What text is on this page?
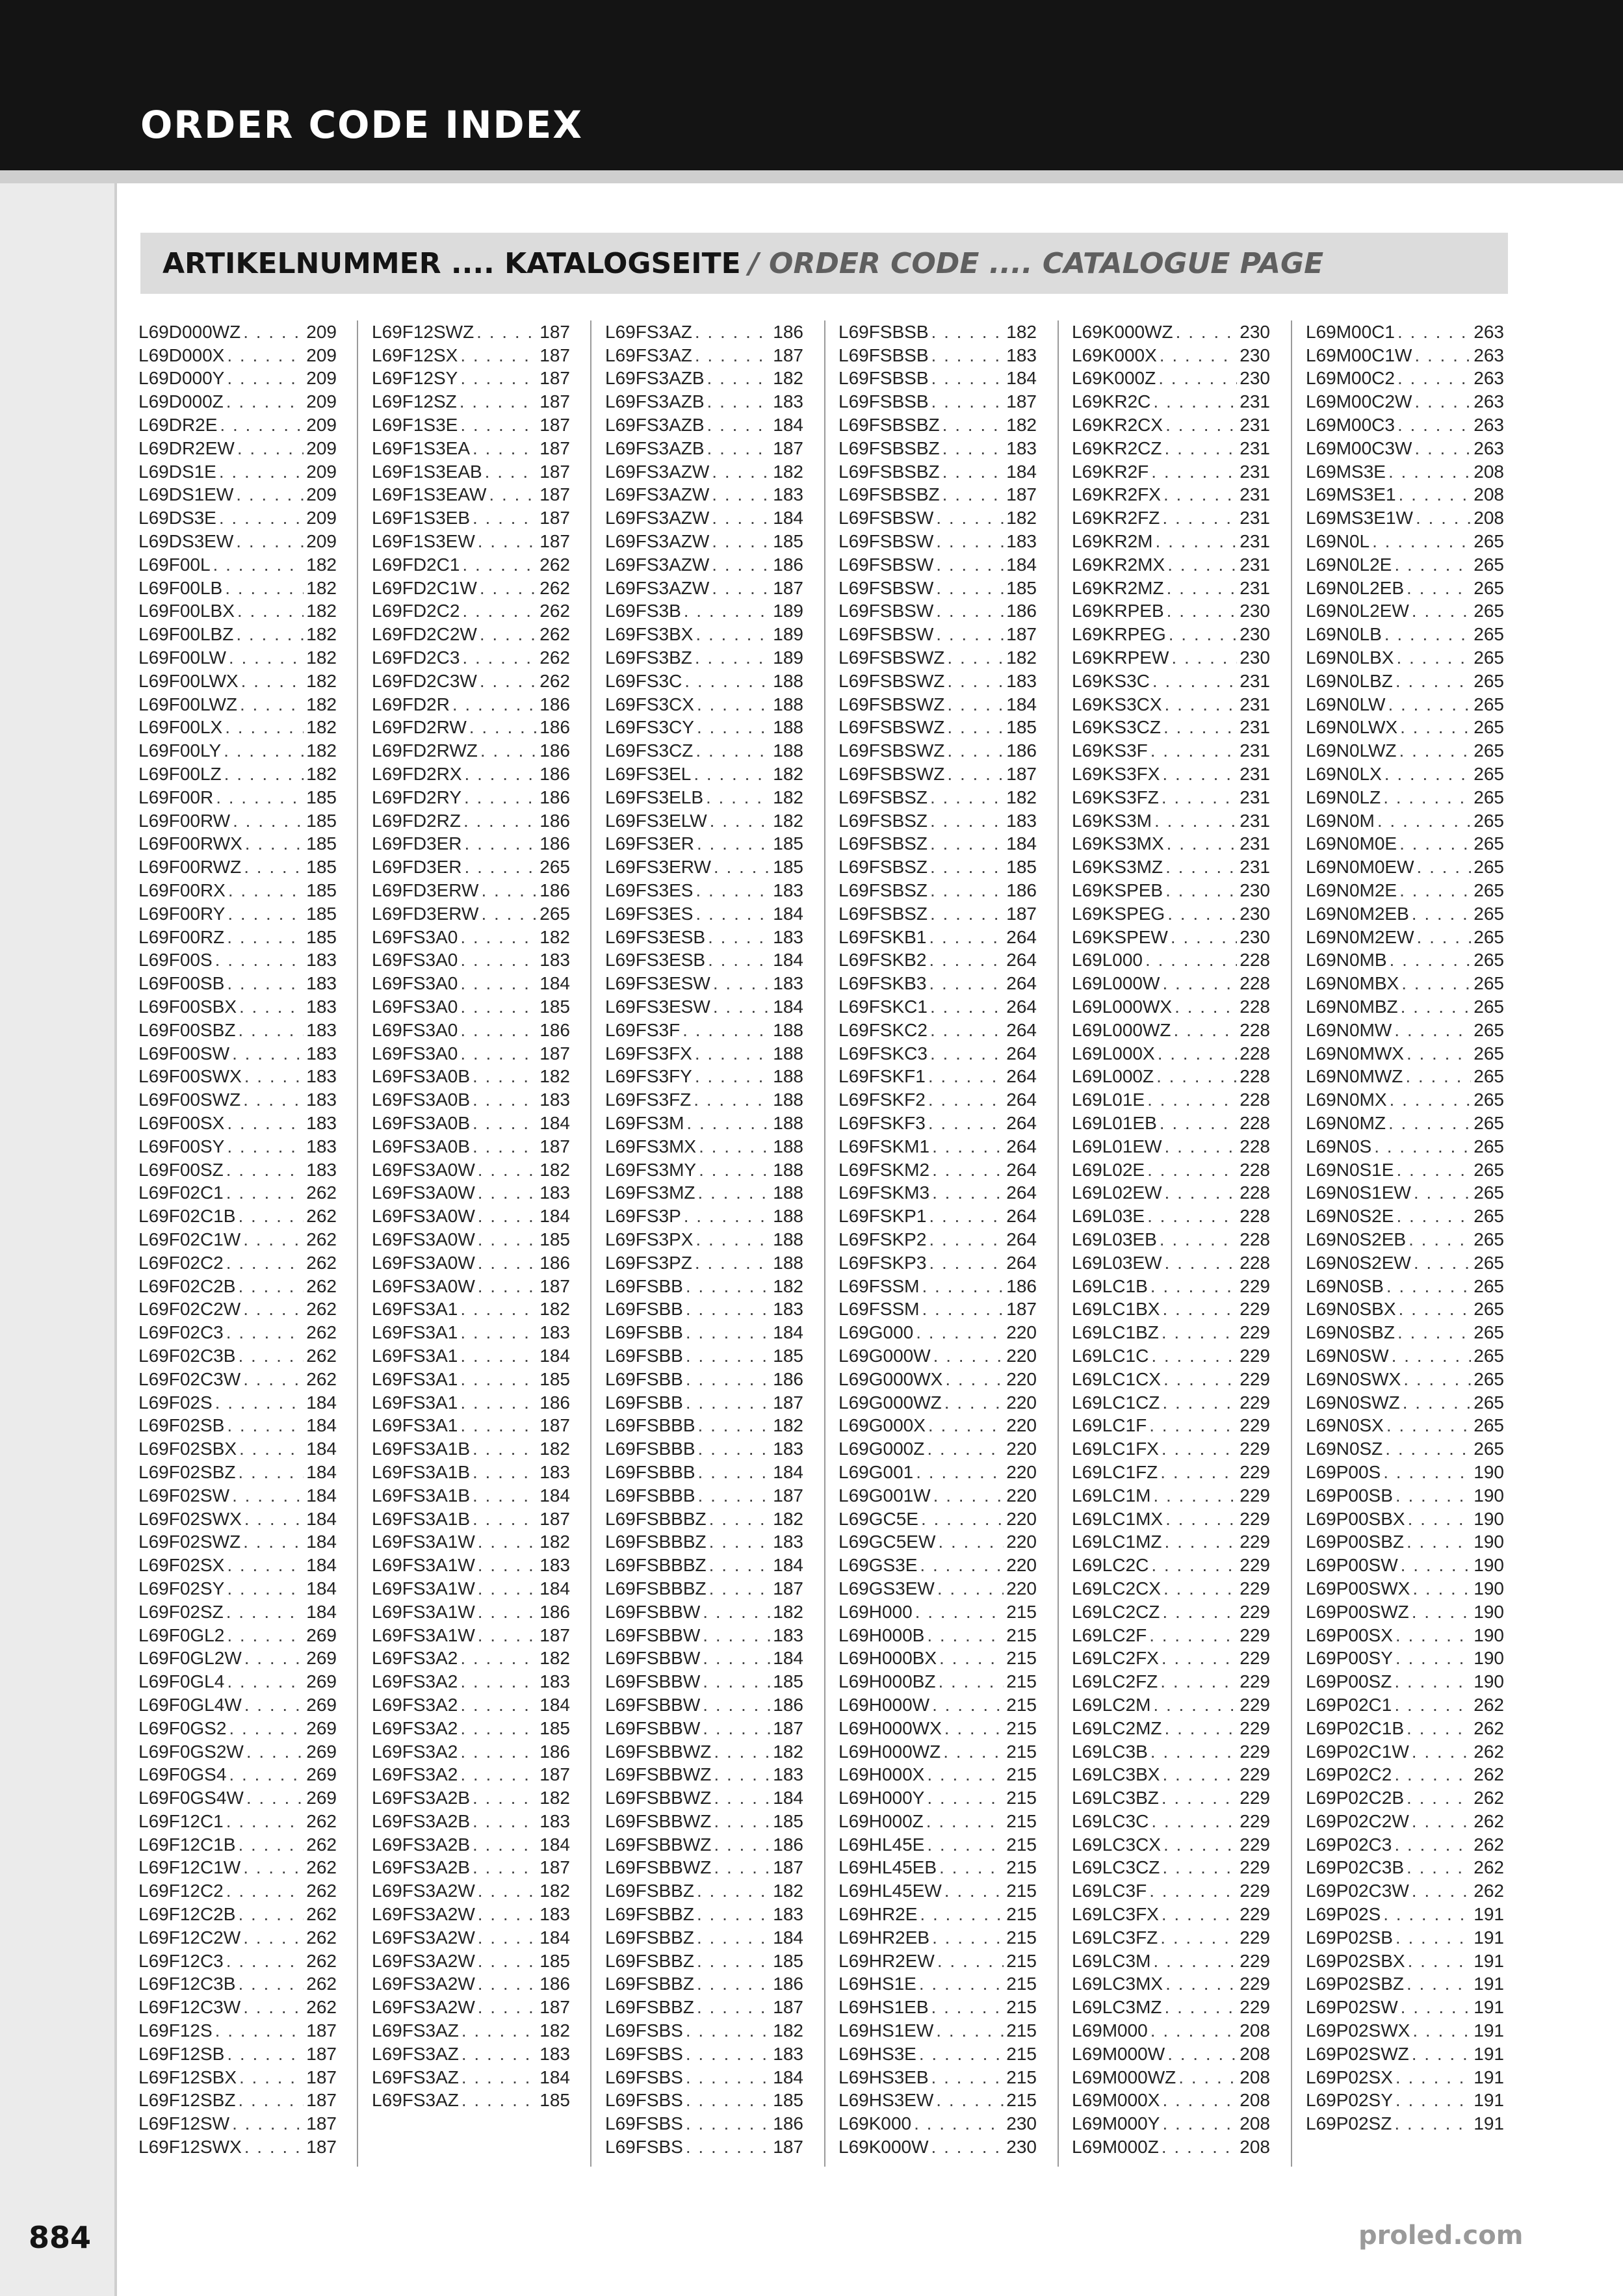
ORDER CODE INDEX
ARTIKELNUMMER .... KATALOGSEITE / ORDER CODE .... CATALOGUE PAGE
L69D000WZ . . .	209
L69D000X . . .	209
L69D000Y . . .	209
L69D000Z . . .	209
L69DR2E . . .	209
L69DR2EW . . .	209
L69DS1E . . .	209
L69DS1EW . . .	209
L69DS3E . . .	209
L69DS3EW . . .	209
L69F00L . . .	182
L69F00LB . . .	182
L69F00LBX . . .	182
L69F00LBZ . . .	182
L69F00LW . . .	182
L69F00LWX . . .	182
L69F00LWZ . . .	182
L69F00LX . . .	182
L69F00LY . . .	182
L69F00LZ . . .	182
L69F00R . . .	185
L69F00RW . . .	185
L69F00RWX . . .	185
L69F00RWZ . . .	185
L69F00RX . . .	185
L69F00RY . . .	185
L69F00RZ . . .	185
L69F00S . . .	183
L69F00SB . . .	183
L69F00SBX . . .	183
L69F00SBZ . . .	183
L69F00SW . . .	183
L69F00SWX . . .	183
L69F00SWZ . . .	183
L69F00SX . . .	183
L69F00SY . . .	183
L69F00SZ . . .	183
L69F02C1 . . .	262
L69F02C1B . . .	262
L69F02C1W . . .	262
L69F02C2 . . .	262
L69F02C2B . . .	262
L69F02C2W . . .	262
L69F02C3 . . .	262
L69F02C3B . . .	262
L69F02C3W . . .	262
L69F02S . . .	184
L69F02SB . . .	184
L69F02SBX . . .	184
L69F02SBZ . . .	184
L69F02SW . . .	184
L69F02SWX . . .	184
L69F02SWZ . . .	184
L69F02SX . . .	184
L69F02SY . . .	184
L69F02SZ . . .	184
L69F0GL2 . . .	269
L69F0GL2W . . .	269
L69F0GL4 . . .	269
L69F0GL4W . . .	269
L69F0GS2 . . .	269
L69F0GS2W . . .	269
L69F0GS4 . . .	269
L69F0GS4W . . .	269
L69F12C1 . . .	262
L69F12C1B . . .	262
L69F12C1W . . .	262
L69F12C2 . . .	262
L69F12C2B . . .	262
L69F12C2W . . .	262
L69F12C3 . . .	262
L69F12C3B . . .	262
L69F12C3W . . .	262
L69F12S . . .	187
L69F12SB . . .	187
L69F12SBX . . .	187
L69F12SBZ . . .	187
L69F12SW . . .	187
L69F12SWX . . .	187
L69F12SWZ . . .	187
L69F12SX . . .	187
L69F12SY . . .	187
L69F12SZ . . .	187
L69F1S3E . . .	187
L69F1S3EA . . .	187
L69F1S3EAB . . .	187
L69F1S3EAW . . .	187
L69F1S3EB . . .	187
L69F1S3EW . . .	187
L69FD2C1 . . .	262
L69FD2C1W . . .	262
L69FD2C2 . . .	262
L69FD2C2W . . .	262
L69FD2C3 . . .	262
L69FD2C3W . . .	262
L69FD2R . . .	186
L69FD2RW . . .	186
L69FD2RWZ . . .	186
L69FD2RX . . .	186
L69FD2RY . . .	186
L69FD2RZ . . .	186
L69FD3ER . . .	186
L69FD3ER . . .	265
L69FD3ERW . . .	186
L69FD3ERW . . .	265
L69FS3A0 . . .	182
L69FS3A0 . . .	183
L69FS3A0 . . .	184
L69FS3A0 . . .	185
L69FS3A0 . . .	186
L69FS3A0 . . .	187
L69FS3A0B . . .	182
L69FS3A0B . . .	183
L69FS3A0B . . .	184
L69FS3A0B . . .	187
L69FS3A0W . . .	182
L69FS3A0W . . .	183
L69FS3A0W . . .	184
L69FS3A0W . . .	185
L69FS3A0W . . .	186
L69FS3A0W . . .	187
L69FS3A1 . . .	182
L69FS3A1 . . .	183
L69FS3A1 . . .	184
L69FS3A1 . . .	185
L69FS3A1 . . .	186
L69FS3A1 . . .	187
L69FS3A1B . . .	182
L69FS3A1B . . .	183
L69FS3A1B . . .	184
L69FS3A1B . . .	187
L69FS3A1W . . .	182
L69FS3A1W . . .	183
L69FS3A1W . . .	184
L69FS3A1W . . .	186
L69FS3A1W . . .	187
L69FS3A2 . . .	182
L69FS3A2 . . .	183
L69FS3A2 . . .	184
L69FS3A2 . . .	185
L69FS3A2 . . .	186
L69FS3A2 . . .	187
L69FS3A2B . . .	182
L69FS3A2B . . .	183
L69FS3A2B . . .	184
L69FS3A2B . . .	187
L69FS3A2W . . .	182
L69FS3A2W . . .	183
L69FS3A2W . . .	184
L69FS3A2W . . .	185
L69FS3A2W . . .	186
L69FS3A2W . . .	187
L69FS3AZ . . .	182
L69FS3AZ . . .	183
L69FS3AZ . . .	184
L69FS3AZ . . .	185
L69FS3AZ . . .	186
L69FS3AZ . . .	187
L69FS3AZB . . .	182
L69FS3AZB . . .	183
L69FS3AZB . . .	184
L69FS3AZB . . .	187
L69FS3AZW . . .	182
L69FS3AZW . . .	183
L69FS3AZW . . .	184
L69FS3AZW . . .	185
L69FS3AZW . . .	186
L69FS3AZW . . .	187
L69FS3B . . .	189
L69FS3BX . . .	189
L69FS3BZ . . .	189
L69FS3C . . .	188
L69FS3CX . . .	188
L69FS3CY . . .	188
L69FS3CZ . . .	188
L69FS3EL . . .	182
L69FS3ELB . . .	182
L69FS3ELW . . .	182
L69FS3ER . . .	185
L69FS3ERW . . .	185
L69FS3ES . . .	183
L69FS3ES . . .	184
L69FS3ESB . . .	183
L69FS3ESB . . .	184
L69FS3ESW . . .	183
L69FS3ESW . . .	184
L69FS3F . . .	188
L69FS3FX . . .	188
L69FS3FY . . .	188
L69FS3FZ . . .	188
L69FS3M . . .	188
L69FS3MX . . .	188
L69FS3MY . . .	188
L69FS3MZ . . .	188
L69FS3P . . .	188
L69FS3PX . . .	188
L69FS3PZ . . .	188
L69FSBB . . .	182
L69FSBB . . .	183
L69FSBB . . .	184
L69FSBB . . .	185
L69FSBB . . .	186
L69FSBB . . .	187
L69FSBBB . . .	182
L69FSBBB . . .	183
L69FSBBB . . .	184
L69FSBBB . . .	187
L69FSBBBZ . . .	182
L69FSBBBZ . . .	183
L69FSBBBZ . . .	184
L69FSBBBZ . . .	187
L69FSBBW . . .	182
L69FSBBW . . .	183
L69FSBBW . . .	184
L69FSBBW . . .	185
L69FSBBW . . .	186
L69FSBBW . . .	187
L69FSBBWZ . . .	182
L69FSBBWZ . . .	183
L69FSBBWZ . . .	184
L69FSBBWZ . . .	185
L69FSBBWZ . . .	186
L69FSBBWZ . . .	187
L69FSBBZ . . .	182
L69FSBBZ . . .	183
L69FSBBZ . . .	184
L69FSBBZ . . .	185
L69FSBBZ . . .	186
L69FSBBZ . . .	187
L69FSBS . . .	182
L69FSBS . . .	183
L69FSBS . . .	184
L69FSBS . . .	185
L69FSBS . . .	186
L69FSBS . . .	187
L69FSBSB . . .	182
L69FSBSB . . .	183
L69FSBSB . . .	184
L69FSBSB . . .	187
L69FSBSBZ . . .	182
L69FSBSBZ . . .	183
L69FSBSBZ . . .	184
L69FSBSBZ . . .	187
L69FSBSW . . .	182
L69FSBSW . . .	183
L69FSBSW . . .	184
L69FSBSW . . .	185
L69FSBSW . . .	186
L69FSBSW . . .	187
L69FSBSWZ . . .	182
L69FSBSWZ . . .	183
L69FSBSWZ . . .	184
L69FSBSWZ . . .	185
L69FSBSWZ . . .	186
L69FSBSWZ . . .	187
L69FSBSZ . . .	182
L69FSBSZ . . .	183
L69FSBSZ . . .	184
L69FSBSZ . . .	185
L69FSBSZ . . .	186
L69FSBSZ . . .	187
L69FSKB1 . . .	264
L69FSKB2 . . .	264
L69FSKB3 . . .	264
L69FSKC1 . . .	264
L69FSKC2 . . .	264
L69FSKC3 . . .	264
L69FSKF1 . . .	264
L69FSKF2 . . .	264
L69FSKF3 . . .	264
L69FSKM1 . . .	264
L69FSKM2 . . .	264
L69FSKM3 . . .	264
L69FSKP1 . . .	264
L69FSKP2 . . .	264
L69FSKP3 . . .	264
L69FSSM . . .	186
L69FSSM . . .	187
L69G000 . . .	220
L69G000W . . .	220
L69G000WX . . .	220
L69G000WZ . . .	220
L69G000X . . .	220
L69G000Z . . .	220
L69G001 . . .	220
L69G001W . . .	220
L69GC5E . . .	220
L69GC5EW . . .	220
L69GS3E . . .	220
L69GS3EW . . .	220
L69H000 . . .	215
L69H000B . . .	215
L69H000BX . . .	215
L69H000BZ . . .	215
L69H000W . . .	215
L69H000WX . . .	215
L69H000WZ . . .	215
L69H000X . . .	215
L69H000Y . . .	215
L69H000Z . . .	215
L69HL45E . . .	215
L69HL45EB . . .	215
L69HL45EW . . .	215
L69HR2E . . .	215
L69HR2EB . . .	215
L69HR2EW . . .	215
L69HS1E . . .	215
L69HS1EB . . .	215
L69HS1EW . . .	215
L69HS3E . . .	215
L69HS3EB . . .	215
L69HS3EW . . .	215
L69K000 . . .	230
L69K000W . . .	230
L69K000WZ . . .	230
L69K000X . . .	230
L69K000Z . . .	230
L69KR2C . . .	231
L69KR2CX . . .	231
L69KR2CZ . . .	231
L69KR2F . . .	231
L69KR2FX . . .	231
L69KR2FZ . . .	231
L69KR2M . . .	231
L69KR2MX . . .	231
L69KR2MZ . . .	231
L69KRPEB . . .	230
L69KRPEG . . .	230
L69KRPEW . . .	230
L69KS3C . . .	231
L69KS3CX . . .	231
L69KS3CZ . . .	231
L69KS3F . . .	231
L69KS3FX . . .	231
L69KS3FZ . . .	231
L69KS3M . . .	231
L69KS3MX . . .	231
L69KS3MZ . . .	231
L69KSPEB . . .	230
L69KSPEG . . .	230
L69KSPEW . . .	230
L69L000 . . .	228
L69L000W . . .	228
L69L000WX . . .	228
L69L000WZ . . .	228
L69L000X . . .	228
L69L000Z . . .	228
L69L01E . . .	228
L69L01EB . . .	228
L69L01EW . . .	228
L69L02E . . .	228
L69L02EW . . .	228
L69L03E . . .	228
L69L03EB . . .	228
L69L03EW . . .	228
L69LC1B . . .	229
L69LC1BX . . .	229
L69LC1BZ . . .	229
L69LC1C . . .	229
L69LC1CX . . .	229
L69LC1CZ . . .	229
L69LC1F . . .	229
L69LC1FX . . .	229
L69LC1FZ . . .	229
L69LC1M . . .	229
L69LC1MX . . .	229
L69LC1MZ . . .	229
L69LC2C . . .	229
L69LC2CX . . .	229
L69LC2CZ . . .	229
L69LC2F . . .	229
L69LC2FX . . .	229
L69LC2FZ . . .	229
L69LC2M . . .	229
L69LC2MZ . . .	229
L69LC3B . . .	229
L69LC3BX . . .	229
L69LC3BZ . . .	229
L69LC3C . . .	229
L69LC3CX . . .	229
L69LC3CZ . . .	229
L69LC3F . . .	229
L69LC3FX . . .	229
L69LC3FZ . . .	229
L69LC3M . . .	229
L69LC3MX . . .	229
L69LC3MZ . . .	229
L69M000 . . .	208
L69M000W . . .	208
L69M000WZ . . .	208
L69M000X . . .	208
L69M000Y . . .	208
L69M000Z . . .	208
L69M00C1 . . .	263
L69M00C1W . . .	263
L69M00C2 . . .	263
L69M00C2W . . .	263
L69M00C3 . . .	263
L69M00C3W . . .	263
L69MS3E . . .	208
L69MS3E1 . . .	208
L69MS3E1W . . .	208
L69N0L . . .	265
L69N0L2E . . .	265
L69N0L2EB . . .	265
L69N0L2EW . . .	265
L69N0LB . . .	265
L69N0LBX . . .	265
L69N0LBZ . . .	265
L69N0LW . . .	265
L69N0LWX . . .	265
L69N0LWZ . . .	265
L69N0LX . . .	265
L69N0LZ . . .	265
L69N0M . . .	265
L69N0M0E . . .	265
L69N0M0EW . . .	265
L69N0M2E . . .	265
L69N0M2EB . . .	265
L69N0M2EW . . .	265
L69N0MB . . .	265
L69N0MBX . . .	265
L69N0MBZ . . .	265
L69N0MW . . .	265
L69N0MWX . . .	265
L69N0MWZ . . .	265
L69N0MX . . .	265
L69N0MZ . . .	265
L69N0S . . .	265
L69N0S1E . . .	265
L69N0S1EW . . .	265
L69N0S2E . . .	265
L69N0S2EB . . .	265
L69N0S2EW . . .	265
L69N0SB . . .	265
L69N0SBX . . .	265
L69N0SBZ . . .	265
L69N0SW . . .	265
L69N0SWX . . .	265
L69N0SWZ . . .	265
L69N0SX . . .	265
L69N0SZ . . .	265
L69P00S . . .	190
L69P00SB . . .	190
L69P00SBX . . .	190
L69P00SBZ . . .	190
L69P00SW . . .	190
L69P00SWX . . .	190
L69P00SWZ . . .	190
L69P00SX . . .	190
L69P00SY . . .	190
L69P00SZ . . .	190
L69P02C1 . . .	262
L69P02C1B . . .	262
L69P02C1W . . .	262
L69P02C2 . . .	262
L69P02C2B . . .	262
L69P02C2W . . .	262
L69P02C3 . . .	262
L69P02C3B . . .	262
L69P02C3W . . .	262
L69P02S . . .	191
L69P02SB . . .	191
L69P02SBX . . .	191
L69P02SBZ . . .	191
L69P02SW . . .	191
L69P02SWX . . .	191
L69P02SWZ . . .	191
L69P02SX . . .	191
L69P02SY . . .	191
L69P02SZ . . .	191
884	proled.com
